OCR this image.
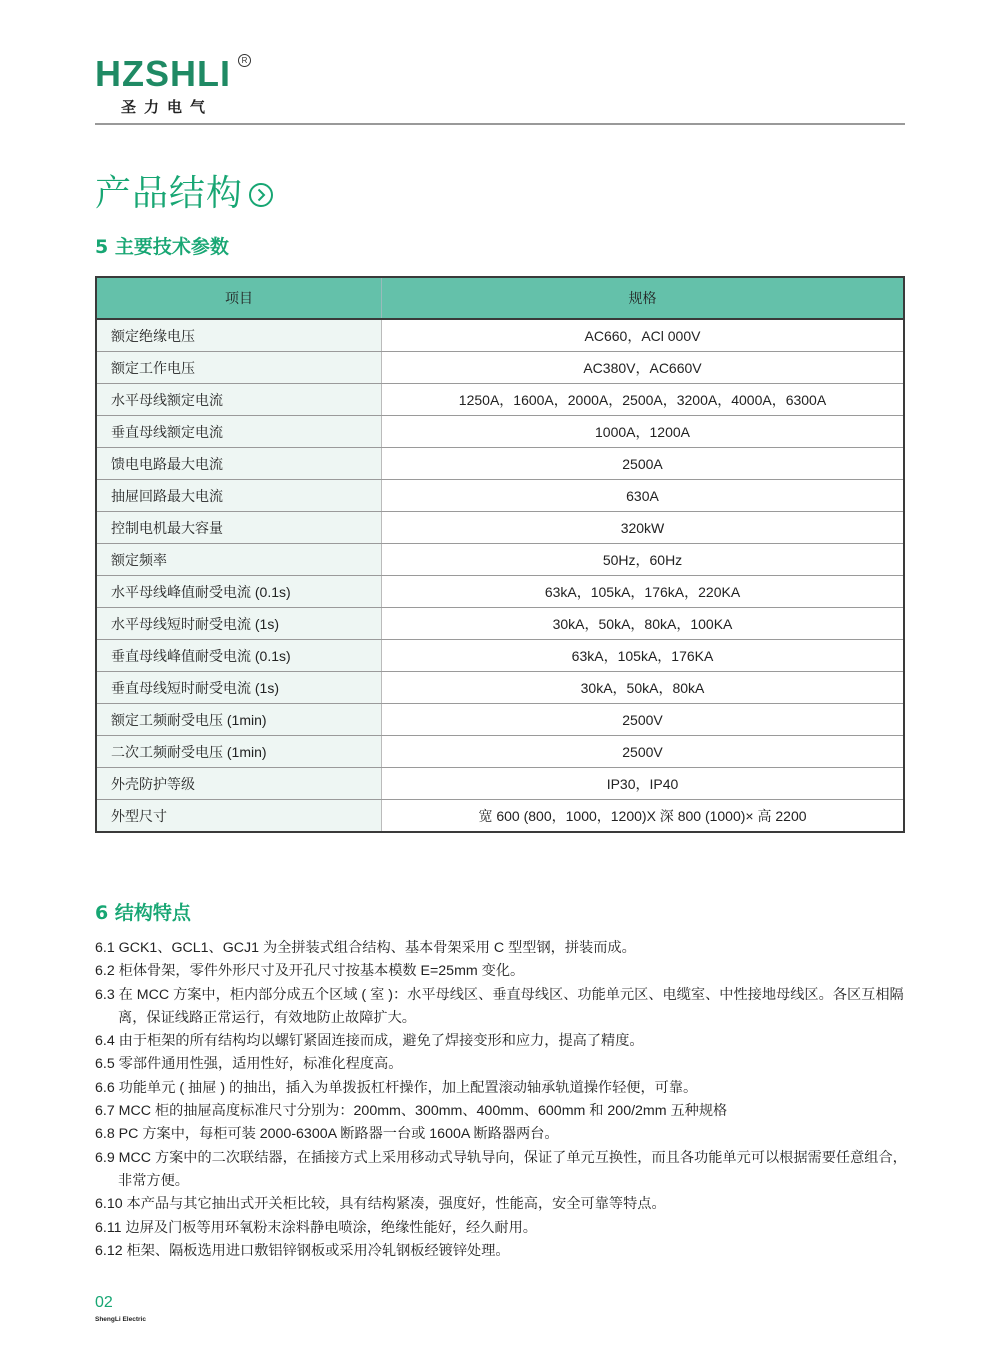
HZSHLI	R
圣力电气
产品结构
5 主要技术参数
项目	规格
额定绝缘电压	AC660，ACl 000V
额定工作电压	AC380V，AC660V
水平母线额定电流	1250A，1600A，2000A，2500A，3200A，4000A，6300A
垂直母线额定电流	1000A，1200A
馈电电路最大电流	2500A
抽屉回路最大电流	630A
控制电机最大容量	320kW
额定频率	50Hz，60Hz
水平母线峰值耐受电流 (0.1s)	63kA，105kA，176kA，220KA
水平母线短时耐受电流 (1s)	30kA，50kA，80kA，100KA
垂直母线峰值耐受电流 (0.1s)	63kA，105kA，176KA
垂直母线短时耐受电流 (1s)	30kA，50kA，80kA
额定工频耐受电压 (1min)	2500V
二次工频耐受电压 (1min)	2500V
外壳防护等级	IP30，IP40
外型尺寸	宽 600 (800，1000，1200)X 深 800 (1000)× 高 2200
6 结构特点

6.1 GCK1、GCL1、GCJ1 为全拼装式组合结构、基本骨架采用 C 型型钢，拼装而成。

6.2 柜体骨架，零件外形尺寸及开孔尺寸按基本模数 E=25mm 变化。

6.3 在 MCC 方案中，柜内部分成五个区域 ( 室 )：水平母线区、垂直母线区、功能单元区、电缆室、中性接地母线区。各区互相隔离，保证线路正常运行，有效地防止故障扩大。

6.4 由于柜架的所有结构均以螺钉紧固连接而成，避免了焊接变形和应力，提高了精度。

6.5 零部件通用性强，适用性好，标准化程度高。

6.6 功能单元 ( 抽屉 ) 的抽出，插入为单拨扳杠杆操作，加上配置滚动轴承轨道操作轻便，可靠。

6.7 MCC 柜的抽屉高度标准尺寸分别为：200mm、300mm、400mm、600mm 和 200/2mm 五种规格

6.8 PC 方案中，每柜可装 2000-6300A 断路器一台或 1600A 断路器两台。

6.9 MCC 方案中的二次联结器，在插接方式上采用移动式导轨导向，保证了单元互换性，而且各功能单元可以根据需要任意组合，非常方便。

6.10 本产品与其它抽出式开关柜比较，具有结构紧凑，强度好，性能高，安全可靠等特点。

6.11 边屏及门板等用环氧粉末涂料静电喷涂，绝缘性能好，经久耐用。

6.12 柜架、隔板选用进口敷铝锌钢板或采用冷轧钢板经镀锌处理。

02
ShengLi Electric
